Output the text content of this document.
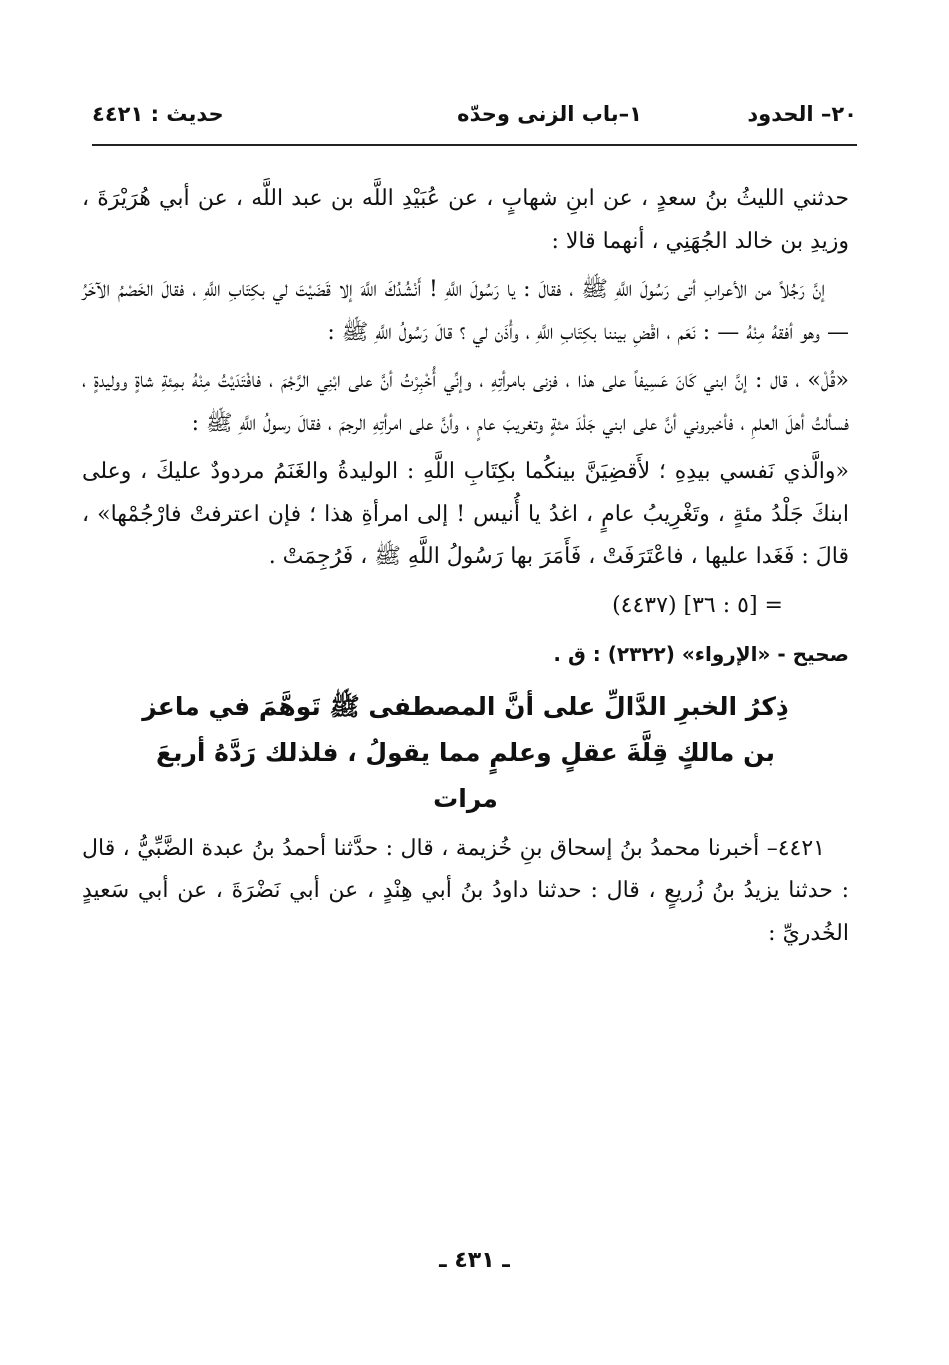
٢٠– الحدود
١–باب الزنى وحدّه
حديث : ٤٤٢١

حدثني الليثُ بنُ سعدٍ ، عن ابنِ شهابٍ ، عن عُبَيْدِ اللَّه بن عبد اللَّه ، عن أبي هُرَيْرَةَ ، وزيدِ بن خالد الجُهَنِي ، أنهما قالا :

إنَّ رَجُلاً من الأعرابِ أتى رَسُولَ اللَّهِ ﷺ ، فقالَ : يا رَسُولَ اللَّهِ ! أَنْشُدُكَ اللَّهَ إلا قَضَيْتَ لي بكِتَابِ اللَّهِ ، فقالَ الخَصْمُ الآخَرُ — وهو أفقهُ مِنْهُ — : نَعَم ، اقْضِ بيننا بكِتَابِ اللَّهِ ، وأْذَن لي ؟ قالَ رَسُولُ اللَّهِ ﷺ :

«قُلْ» ، قال : إنَّ ابني كَانَ عَسِيفاً على هذا ، فزنى بامرأتِهِ ، وإنِّي أُخْبِرْتُ أنَّ على ابْنِي الرَّجْمَ ، فافْتَدَيْتُ مِنْهُ بمِئةِ شاةٍ ووليدةٍ ، فسألتُ أهلَ العلمِ ، فأخبروني أنَّ على ابني جَلْدَ مئةٍ وتغريبَ عامٍ ، وأنَّ على امرأتِهِ الرجمَ ، فقالَ رسولُ اللَّهِ ﷺ :

«والَّذي نَفسي بيدِهِ ؛ لأَقضِيَنَّ بينكُما بكِتَابِ اللَّهِ : الوليدةُ والغَنَمُ مردودٌ عليكَ ، وعلى ابنكَ جَلْدُ مئةٍ ، وتَغْرِيبُ عامٍ ، اغدُ يا أُنيس ! إلى امرأةِ هذا ؛ فإن اعترفتْ فارْجُمْها» ، قالَ : فَغَدا عليها ، فاعْتَرَفَتْ ، فَأَمَرَ بها رَسُولُ اللَّهِ ﷺ ، فَرُجِمَتْ .

= [٥ : ٣٦] (٤٤٣٧)

صحيح - «الإرواء» (٢٣٢٢) : ق .

ذِكرُ الخبرِ الدَّالِّ على أنَّ المصطفى ﷺ تَوهَّمَ في ماعز بن مالكٍ قِلَّةَ عقلٍ وعلمٍ مما يقولُ ، فلذلك رَدَّهُ أربعَ مرات

٤٤٢١– أخبرنا محمدُ بنُ إسحاق بنِ خُزيمة ، قال : حدَّثنا أحمدُ بنُ عبدة الضَّبِّيُّ ، قال : حدثنا يزيدُ بنُ زُريعٍ ، قال : حدثنا داودُ بنُ أبي هِنْدٍ ، عن أبي نَضْرَةَ ، عن أبي سَعيدٍ الخُدريِّ :

ـ ٤٣١ ـ
